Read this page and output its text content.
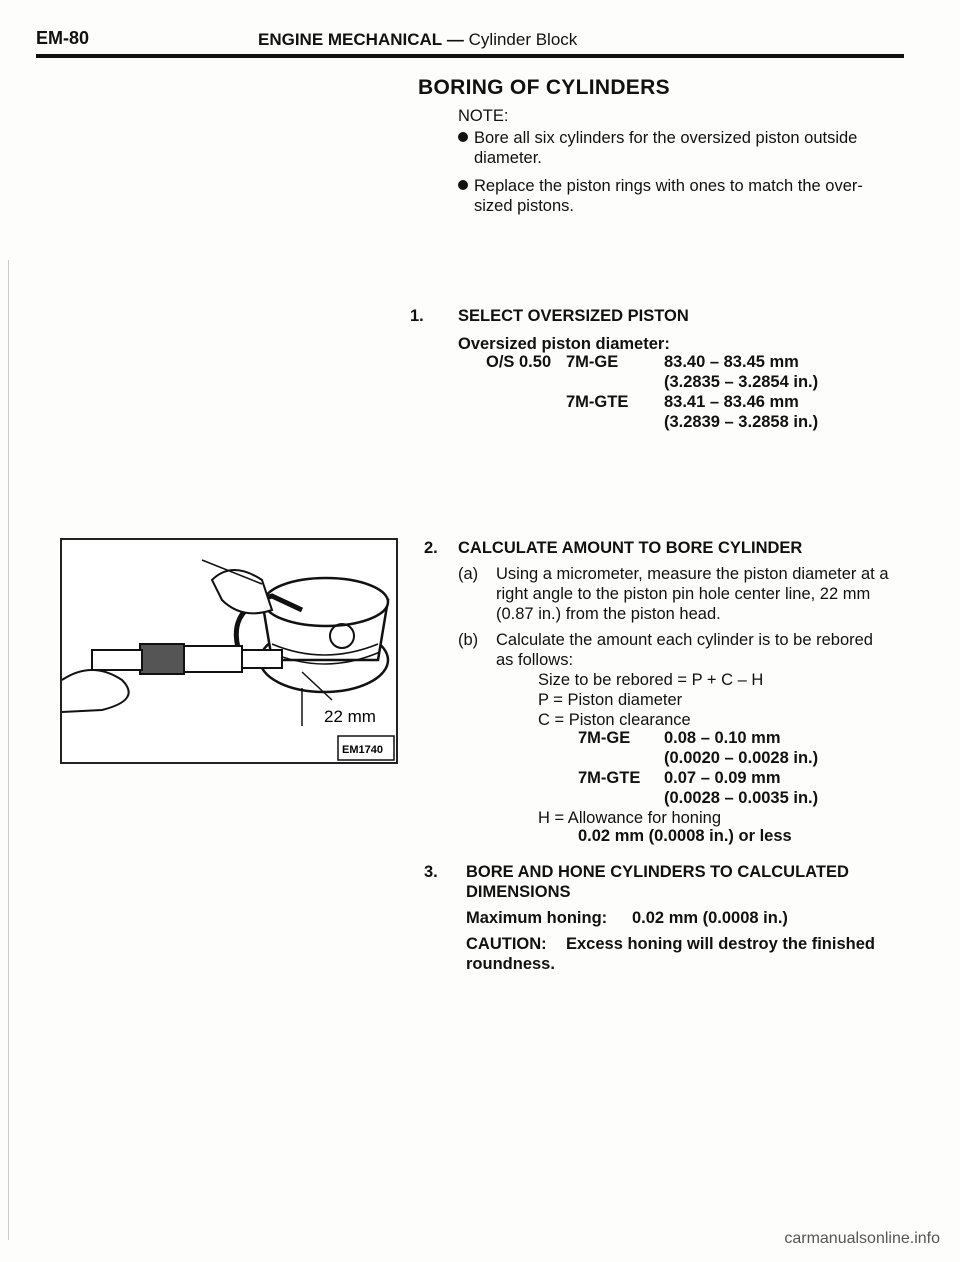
EM-80	ENGINE MECHANICAL — Cylinder Block
BORING OF CYLINDERS
NOTE:
Bore all six cylinders for the oversized piston outside
diameter.
Replace the piston rings with ones to match the over-
sized pistons.
1. SELECT OVERSIZED PISTON
Oversized piston diameter:
O/S 0.50 7M-GE	83.40 – 83.45 mm
(3.2835 – 3.2854 in.)
7M-GTE 83.41 – 83.46 mm
(3.2839 – 3.2858 in.)
22 mm
EM1740
2. CALCULATE AMOUNT TO BORE CYLINDER
(a) Using a micrometer, measure the piston diameter at a
right angle to the piston pin hole center line, 22 mm
(0.87 in.) from the piston head.
(b) Calculate the amount each cylinder is to be rebored
as follows:
Size to be rebored = P + C – H
P = Piston diameter
C = Piston clearance
7M-GE 0.08 – 0.10 mm
(0.0020 – 0.0028 in.)
7M-GTE 0.07 – 0.09 mm
(0.0028 – 0.0035 in.)
H = Allowance for honing
0.02 mm (0.0008 in.) or less
3. BORE AND HONE CYLINDERS TO CALCULATED
DIMENSIONS
Maximum honing: 0.02 mm (0.0008 in.)
CAUTION: Excess honing will destroy the finished
roundness.
carmanualsonline.info
